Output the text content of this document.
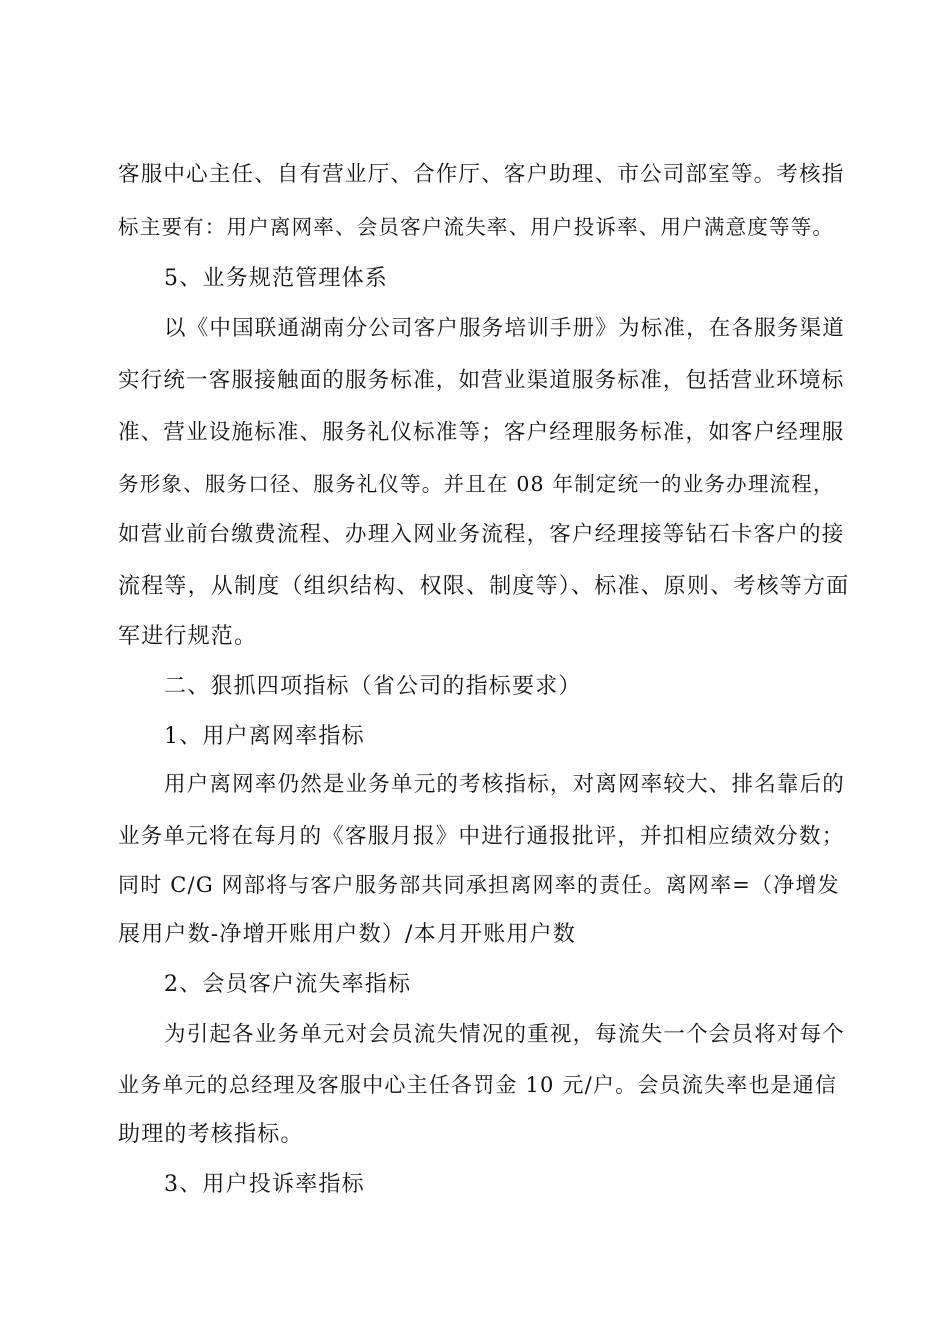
客服中心主任、自有营业厅、合作厅、客户助理、市公司部室等。考核指
标主要有：用户离网率、会员客户流失率、用户投诉率、用户满意度等等。
5、业务规范管理体系
以《中国联通湖南分公司客户服务培训手册》为标准，在各服务渠道
实行统一客服接触面的服务标准，如营业渠道服务标准，包括营业环境标
准、营业设施标准、服务礼仪标准等；客户经理服务标准，如客户经理服
务形象、服务口径、服务礼仪等。并且在 08 年制定统一的业务办理流程，
如营业前台缴费流程、办理入网业务流程，客户经理接等钻石卡客户的接
流程等，从制度（组织结构、权限、制度等）、标准、原则、考核等方面
军进行规范。
二、狠抓四项指标（省公司的指标要求）
1、用户离网率指标
用户离网率仍然是业务单元的考核指标，对离网率较大、排名靠后的
业务单元将在每月的《客服月报》中进行通报批评，并扣相应绩效分数；
同时 C/G 网部将与客户服务部共同承担离网率的责任。离网率=（净增发
展用户数-净增开账用户数）/本月开账用户数
2、会员客户流失率指标
为引起各业务单元对会员流失情况的重视，每流失一个会员将对每个
业务单元的总经理及客服中心主任各罚金 10 元/户。会员流失率也是通信
助理的考核指标。
3、用户投诉率指标
